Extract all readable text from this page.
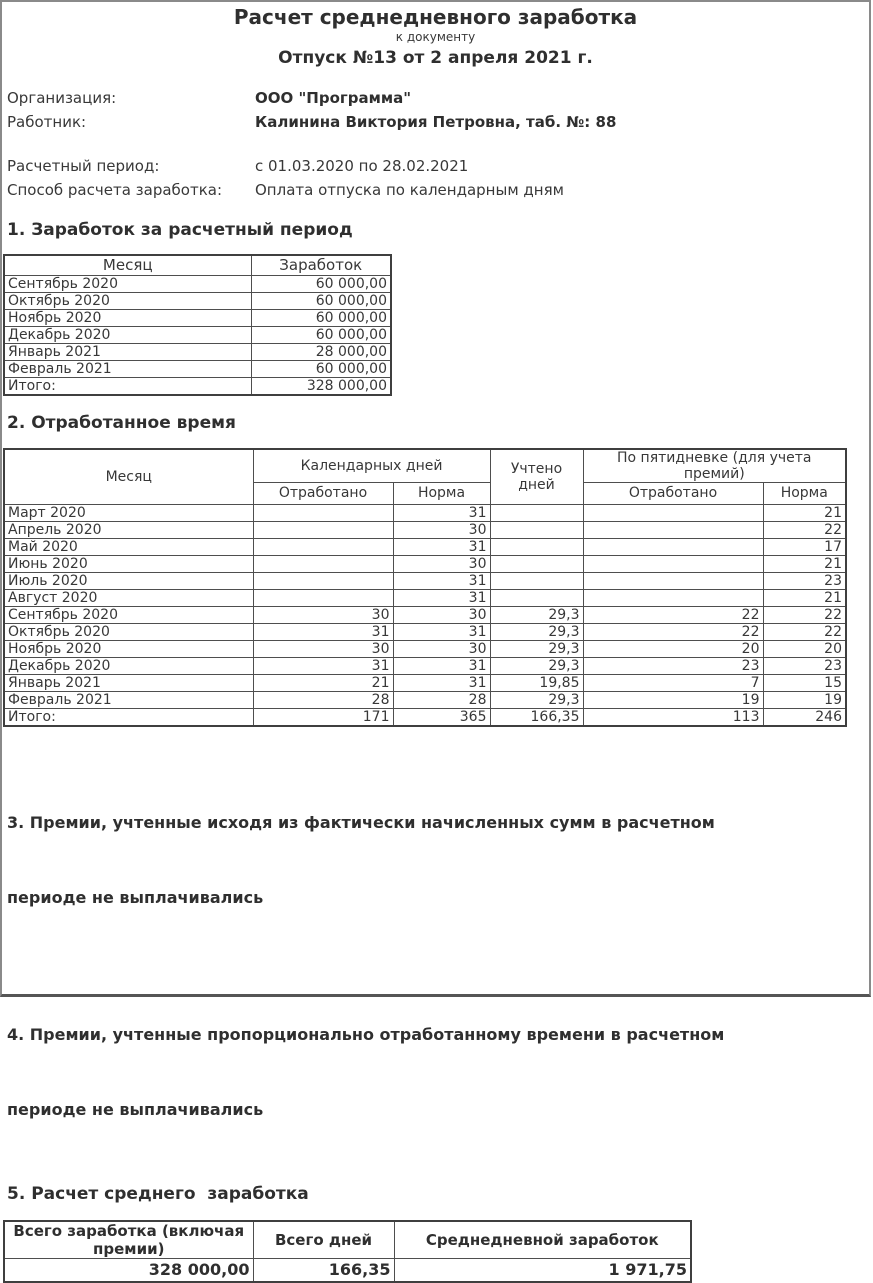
Расчет среднедневного заработка
к документу
Отпуск №13 от 2 апреля 2021 г.
Организация:	ООО "Программа"
Работник:	Калинина Виктория Петровна, таб. №: 88
Расчетный период:	с 01.03.2020 по 28.02.2021
Способ расчета заработка:	Оплата отпуска по календарным дням
1. Заработок за расчетный период
Месяц	Заработок
Сентябрь 2020	60 000,00
Октябрь 2020	60 000,00
Ноябрь 2020	60 000,00
Декабрь 2020	60 000,00
Январь 2021	28 000,00
Февраль 2021	60 000,00
Итого:	328 000,00
2. Отработанное время
Месяц	Календарных дней		Учтено дней	По пятидневке (для учета премий)	
	Отработано	Норма		Отработано	Норма
Март 2020		31			21
Апрель 2020		30			22
Май 2020		31			17
Июнь 2020		30			21
Июль 2020		31			23
Август 2020		31			21
Сентябрь 2020	30	30	29,3	22	22
Октябрь 2020	31	31	29,3	22	22
Ноябрь 2020	30	30	29,3	20	20
Декабрь 2020	31	31	29,3	23	23
Январь 2021	21	31	19,85	7	15
Февраль 2021	28	28	29,3	19	19
Итого:	171	365	166,35	113	246

3. Премии, учтенные исходя из фактически начисленных сумм в расчетном

периоде не выплачивались

4. Премии, учтенные пропорционально отработанному времени в расчетном

периоде не выплачивались

5. Расчет среднего  заработка
Всего заработка (включая премии)	Всего дней	Среднедневной заработок
328 000,00	166,35	1 971,75
